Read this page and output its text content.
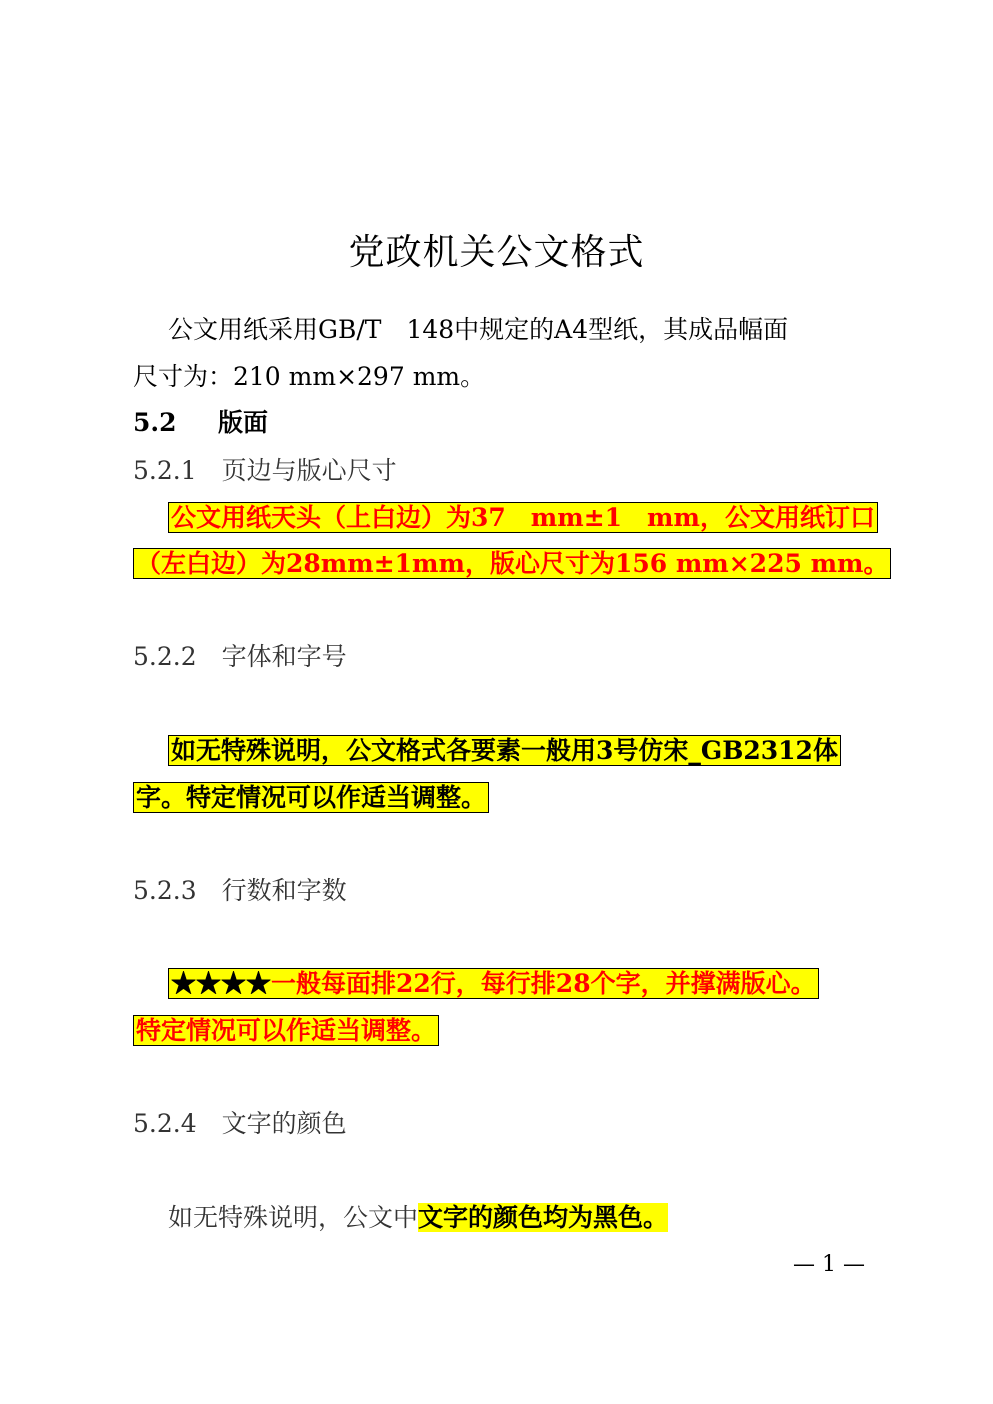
党政机关公文格式
公文用纸采用GB/T　148中规定的A4型纸，其成品幅面
尺寸为：210 mm×297 mm。
5.2 版面
5.2.1　页边与版心尺寸
公文用纸天头（上白边）为37　mm±1　mm，公文用纸订口
（左白边）为28mm±1mm，版心尺寸为156 mm×225 mm。
5.2.2　字体和字号
如无特殊说明，公文格式各要素一般用3号仿宋_GB2312体
字。特定情况可以作适当调整。
5.2.3　行数和字数
★★★★一般每面排22行，每行排28个字，并撑满版心。
特定情况可以作适当调整。
5.2.4　文字的颜色
如无特殊说明，公文中文字的颜色均为黑色。
— 1 —
